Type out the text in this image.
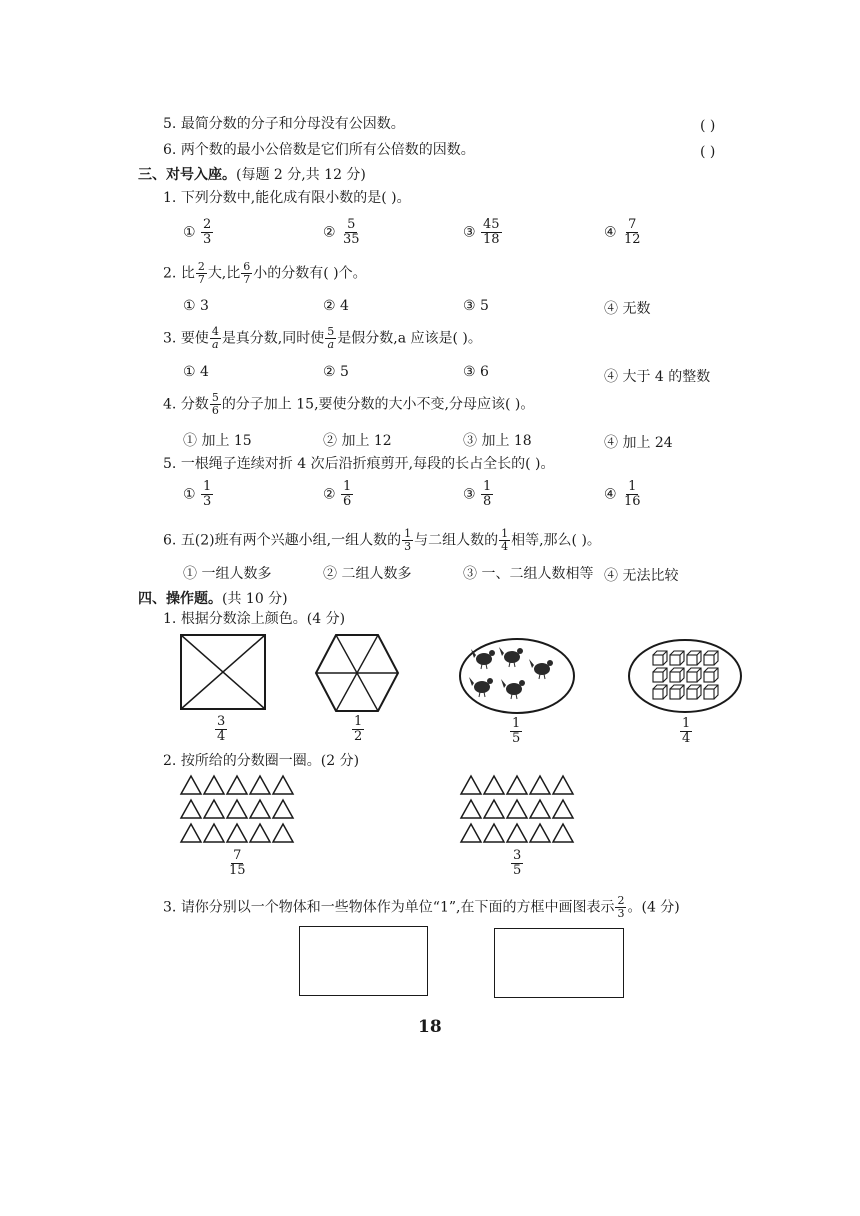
5. 最简分数的分子和分母没有公因数。	( )
6. 两个数的最小公倍数是它们所有公倍数的因数。	( )
三、对号入座。(每题 2 分,共 12 分)
1. 下列分数中,能化成有限小数的是( )。
① $\frac{2}{3}$	② $\frac{5}{35}$	③ $\frac{45}{18}$	④ $\frac{7}{12}$
2. 比 $\frac{2}{7}$ 大,比 $\frac{6}{7}$ 小的分数有( )个。
① 3	② 4	③ 5	④ 无数
3. 要使 $\frac{4}{a}$ 是真分数,同时使 $\frac{5}{a}$ 是假分数,a 应该是( )。
① 4	② 5	③ 6	④ 大于 4 的整数
4. 分数 $\frac{5}{6}$ 的分子加上 15,要使分数的大小不变,分母应该( )。
① 加上 15	② 加上 12	③ 加上 18	④ 加上 24
5. 一根绳子连续对折 4 次后沿折痕剪开,每段的长占全长的( )。
① $\frac{1}{3}$	② $\frac{1}{6}$	③ $\frac{1}{8}$	④ $\frac{1}{16}$
6. 五(2)班有两个兴趣小组,一组人数的 $\frac{1}{3}$ 与二组人数的 $\frac{1}{4}$ 相等,那么( )。
① 一组人数多	② 二组人数多	③ 一、二组人数相等 ④ 无法比较
四、操作题。(共 10 分)
1. 根据分数涂上颜色。(4 分)
$\frac{3}{4}$	$\frac{1}{2}$	$\frac{1}{5}$	$\frac{1}{4}$
2. 按所给的分数圈一圈。(2 分)
$\frac{7}{15}$	$\frac{3}{5}$
3. 请你分别以一个物体和一些物体作为单位“1”,在下面的方框中画图表示 $\frac{2}{3}$ 。(4 分)
18
